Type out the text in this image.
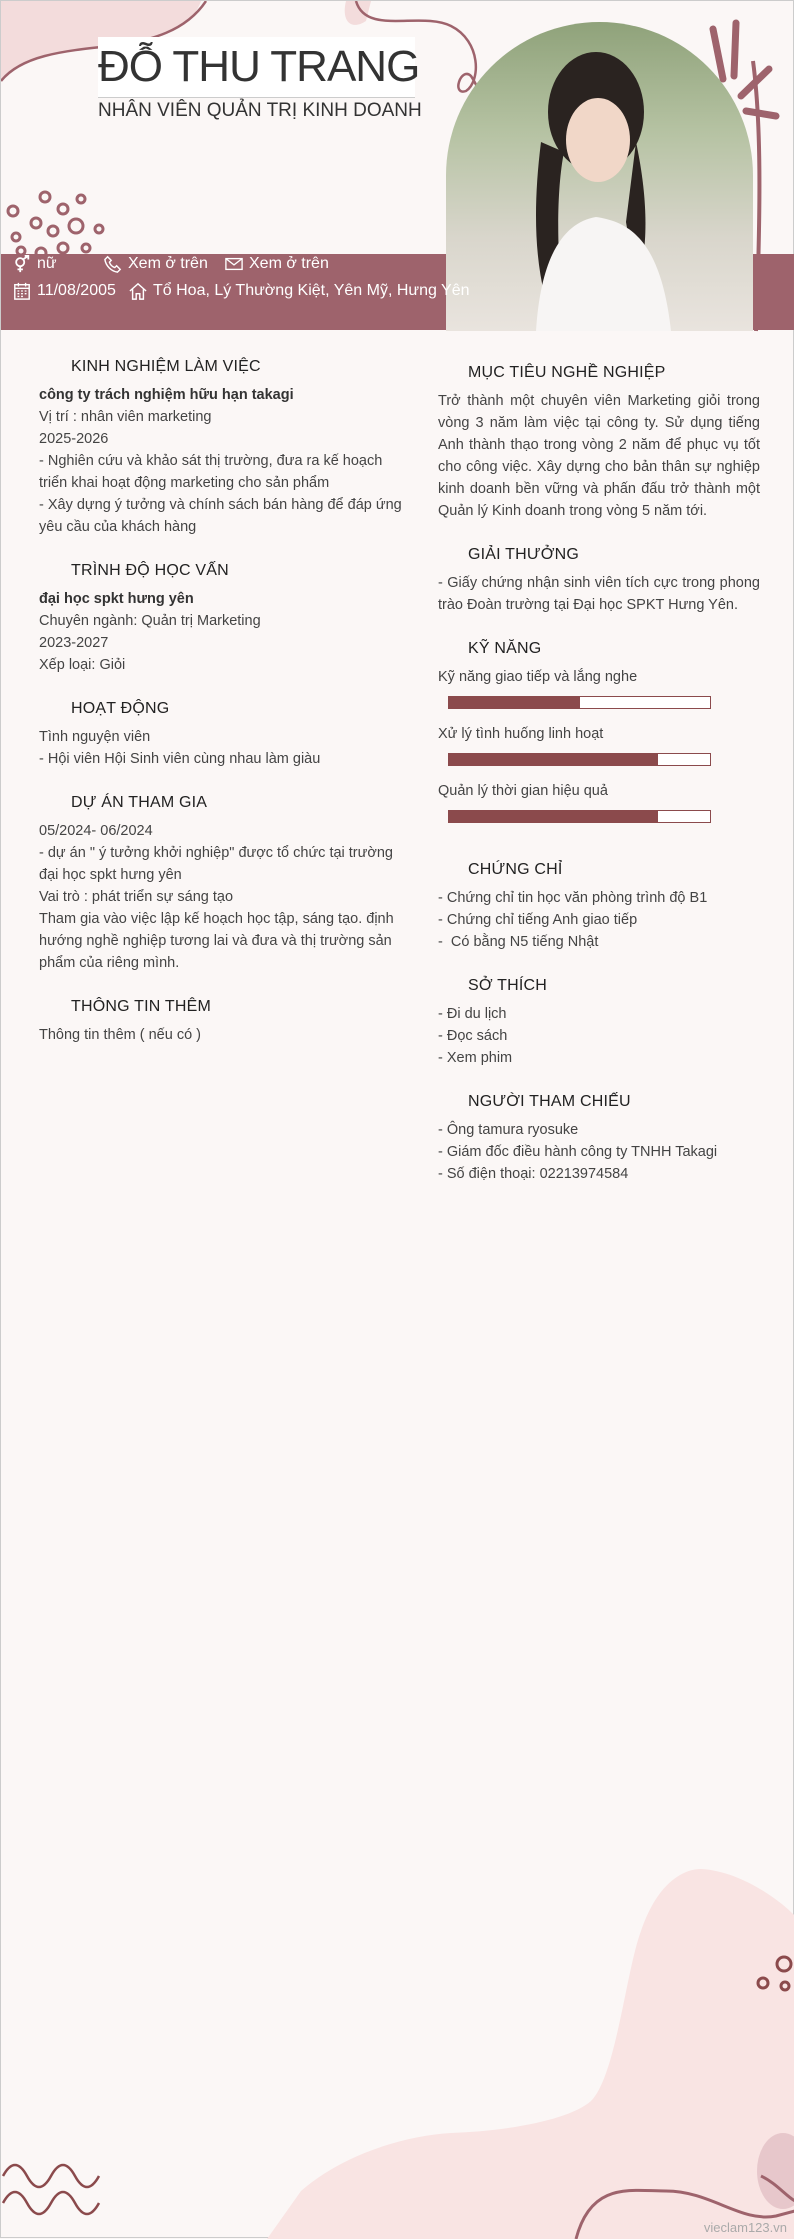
ĐỖ THU TRANG
NHÂN VIÊN QUẢN TRỊ KINH DOANH
nữ	Xem ở trên	Xem ở trên
11/08/2005 Tổ Hoa, Lý Thường Kiệt, Yên Mỹ, Hưng Yên
KINH NGHIỆM LÀM VIỆC
công ty trách nghiệm hữu hạn takagi
Vị trí : nhân viên marketing
2025-2026
- Nghiên cứu và khảo sát thị trường, đưa ra kế hoạch triển khai hoạt động marketing cho sản phẩm
- Xây dựng ý tưởng và chính sách bán hàng để đáp ứng yêu cầu của khách hàng
TRÌNH ĐỘ HỌC VẤN
đại học spkt hưng yên
Chuyên ngành: Quản trị Marketing
2023-2027
Xếp loại: Giỏi
HOẠT ĐỘNG
Tình nguyện viên
- Hội viên Hội Sinh viên cùng nhau làm giàu
DỰ ÁN THAM GIA
05/2024- 06/2024
- dự án " ý tưởng khởi nghiệp" được tổ chức tại trường đại học spkt hưng yên
Vai trò : phát triển sự sáng tạo
Tham gia vào việc lập kế hoạch học tập, sáng tạo. định hướng nghề nghiệp tương lai và đưa và thị trường sản phẩm của riêng mình.
THÔNG TIN THÊM
Thông tin thêm ( nếu có )
MỤC TIÊU NGHỀ NGHIỆP
Trở thành một chuyên viên Marketing giỏi trong vòng 3 năm làm việc tại công ty. Sử dụng tiếng Anh thành thạo trong vòng 2 năm để phục vụ tốt cho công việc. Xây dựng cho bản thân sự nghiệp kinh doanh bền vững và phấn đấu trở thành một Quản lý Kinh doanh trong vòng 5 năm tới.
GIẢI THƯỞNG
- Giấy chứng nhận sinh viên tích cực trong phong trào Đoàn trường tại Đại học SPKT Hưng Yên.
KỸ NĂNG
Kỹ năng giao tiếp và lắng nghe
Xử lý tình huống linh hoạt
Quản lý thời gian hiệu quả
CHỨNG CHỈ
- Chứng chỉ tin học văn phòng trình độ B1
- Chứng chỉ tiếng Anh giao tiếp
-  Có bằng N5 tiếng Nhật
SỞ THÍCH
- Đi du lịch
- Đọc sách
- Xem phim
NGƯỜI THAM CHIẾU
- Ông tamura ryosuke
- Giám đốc điều hành công ty TNHH Takagi
- Số điện thoại: 02213974584
vieclam123.vn
